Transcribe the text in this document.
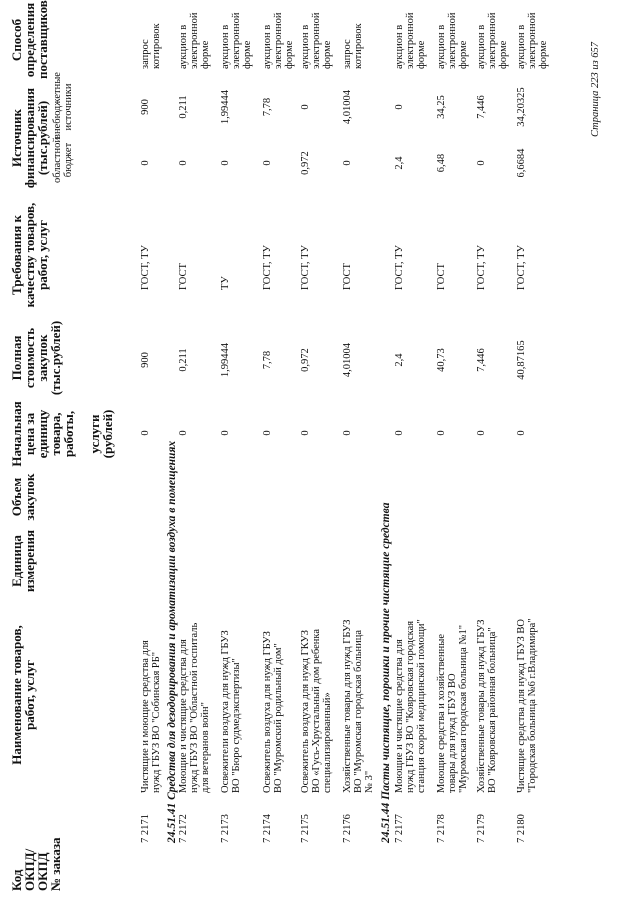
Код
ОКПД/
ОКПД
№ заказа
Наименование товаров,
работ, услуг
Единица
измерения
Объем
закупок
Начальная
цена за
единицу
товара,
работы, услуги
(рублей)
Полная
стоимость
закупок
(тыс.рублей)
Требования к
качеству товаров,
работ, услуг
Источник
финансирования
(тыс.рублей) областной бюджет
внебюджетные источники
Способ
определения
поставщиков
7 2171
Чистящие и моющие средства для нужд ГБУЗ ВО "Собинская РБ"
0
900
ГОСТ, ТУ
0
900
запрос котировок
24.51.41 Средства для дезодорирования и ароматизации воздуха в помещениях 7 2172
Моющие и чистящие средства для нужд ГБУЗ ВО "Областной госпиталь для ветеранов войн"
0
0,211
ГОСТ
0
0,211
аукцион в электронной форме
7 2173
Освежители воздуха для нужд ГБУЗ ВО "Бюро судмедэкспертизы"
0
1,99444
ТУ
0
1,99444
аукцион в электронной форме
7 2174
Освежитель воздуха для нужд ГБУЗ ВО "Муромский родильный дом"
0
7,78
ГОСТ, ТУ
0
7,78
аукцион в электронной форме
7 2175
Освежитель воздуха для нужд ГКУЗ ВО «Гусь-Хрустальный дом ребенка специализированный»
0
0,972
ГОСТ, ТУ
0,972
0
аукцион в электронной форме
7 2176
Хозяйственные товары для нужд ГБУЗ ВО "Муромская городская больница № 3"
0
4,01004
ГОСТ
0
4,01004
запрос котировок
24.51.44 Пасты чистящие, порошки и прочие чистящие средства 7 2177
Моющие и чистящие средства для нужд ГБУЗ ВО "Ковровская городская станция скорой медицинской помощи"
0
2,4
ГОСТ, ТУ
2,4
0
аукцион в электронной форме
7 2178
Моющие средства и хозяйственные товары для нужд ГБУЗ ВО "Муромская городская больница №1"
0
40,73
ГОСТ
6,48
34,25
аукцион в электронной форме
7 2179
Хозяйственные товары для нужд ГБУЗ ВО "Ковровская районная больница"
0
7,446
ГОСТ, ТУ
0
7,446
аукцион в электронной форме
7 2180
Чистящие средства для нужд ГБУЗ ВО "Городская больница №6 г.Владимира"
0
40,87165
ГОСТ, ТУ
6,6684
34,20325
аукцион в электронной форме	Страница 223 из 657
